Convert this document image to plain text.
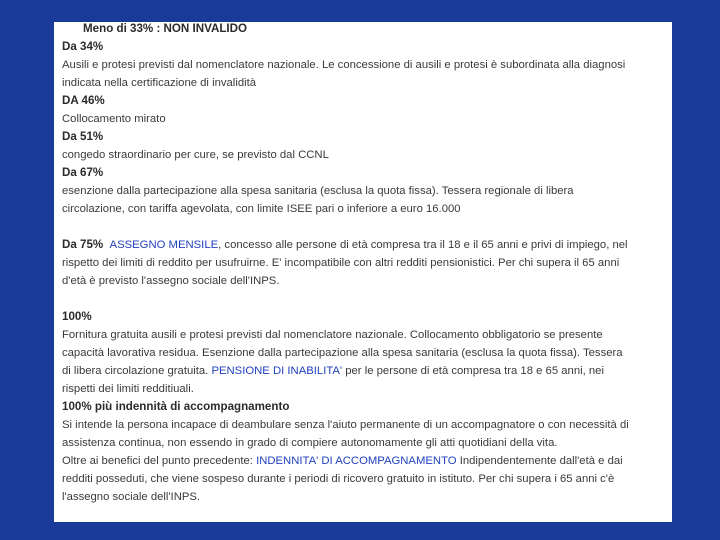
Meno di 33% : NON INVALIDO
Da 34%
Ausili e protesi previsti dal nomenclatore nazionale. Le concessione di ausili e protesi è subordinata alla diagnosi
indicata nella certificazione di invalidità
DA 46%
Collocamento mirato
Da 51%
congedo straordinario per cure, se previsto dal CCNL
Da 67%
esenzione dalla partecipazione alla spesa sanitaria (esclusa la quota fissa). Tessera regionale di libera
circolazione, con tariffa agevolata, con limite ISEE pari o inferiore a euro 16.000
Da 75% ASSEGNO MENSILE, concesso alle persone di età compresa tra il 18 e il 65 anni e privi di impiego, nel
rispetto dei limiti di reddito per usufruirne. E' incompatibile con altri redditi pensionistici. Per chi supera il 65 anni
d'età è previsto l'assegno sociale dell'INPS.
100%
Fornitura gratuita ausili e protesi previsti dal nomenclatore nazionale. Collocamento obbligatorio se presente
capacità lavorativa residua. Esenzione dalla partecipazione alla spesa sanitaria (esclusa la quota fissa). Tessera
di libera circolazione gratuita. PENSIONE DI INABILITA' per le persone di età compresa tra 18 e 65 anni, nei
rispetti dei limiti redditiuali.
100% più indennità di accompagnamento
Si intende la persona incapace di deambulare senza l'aiuto permanente di un accompagnatore o con necessità di
assistenza continua, non essendo in grado di compiere autonomamente gli atti quotidiani della vita.
Oltre ai benefici del punto precedente: INDENNITA' DI ACCOMPAGNAMENTO Indipendentemente dall'età e dai
redditi posseduti, che viene sospeso durante i periodi di ricovero gratuito in istituto. Per chi supera i 65 anni c'è
l'assegno sociale dell'INPS.
